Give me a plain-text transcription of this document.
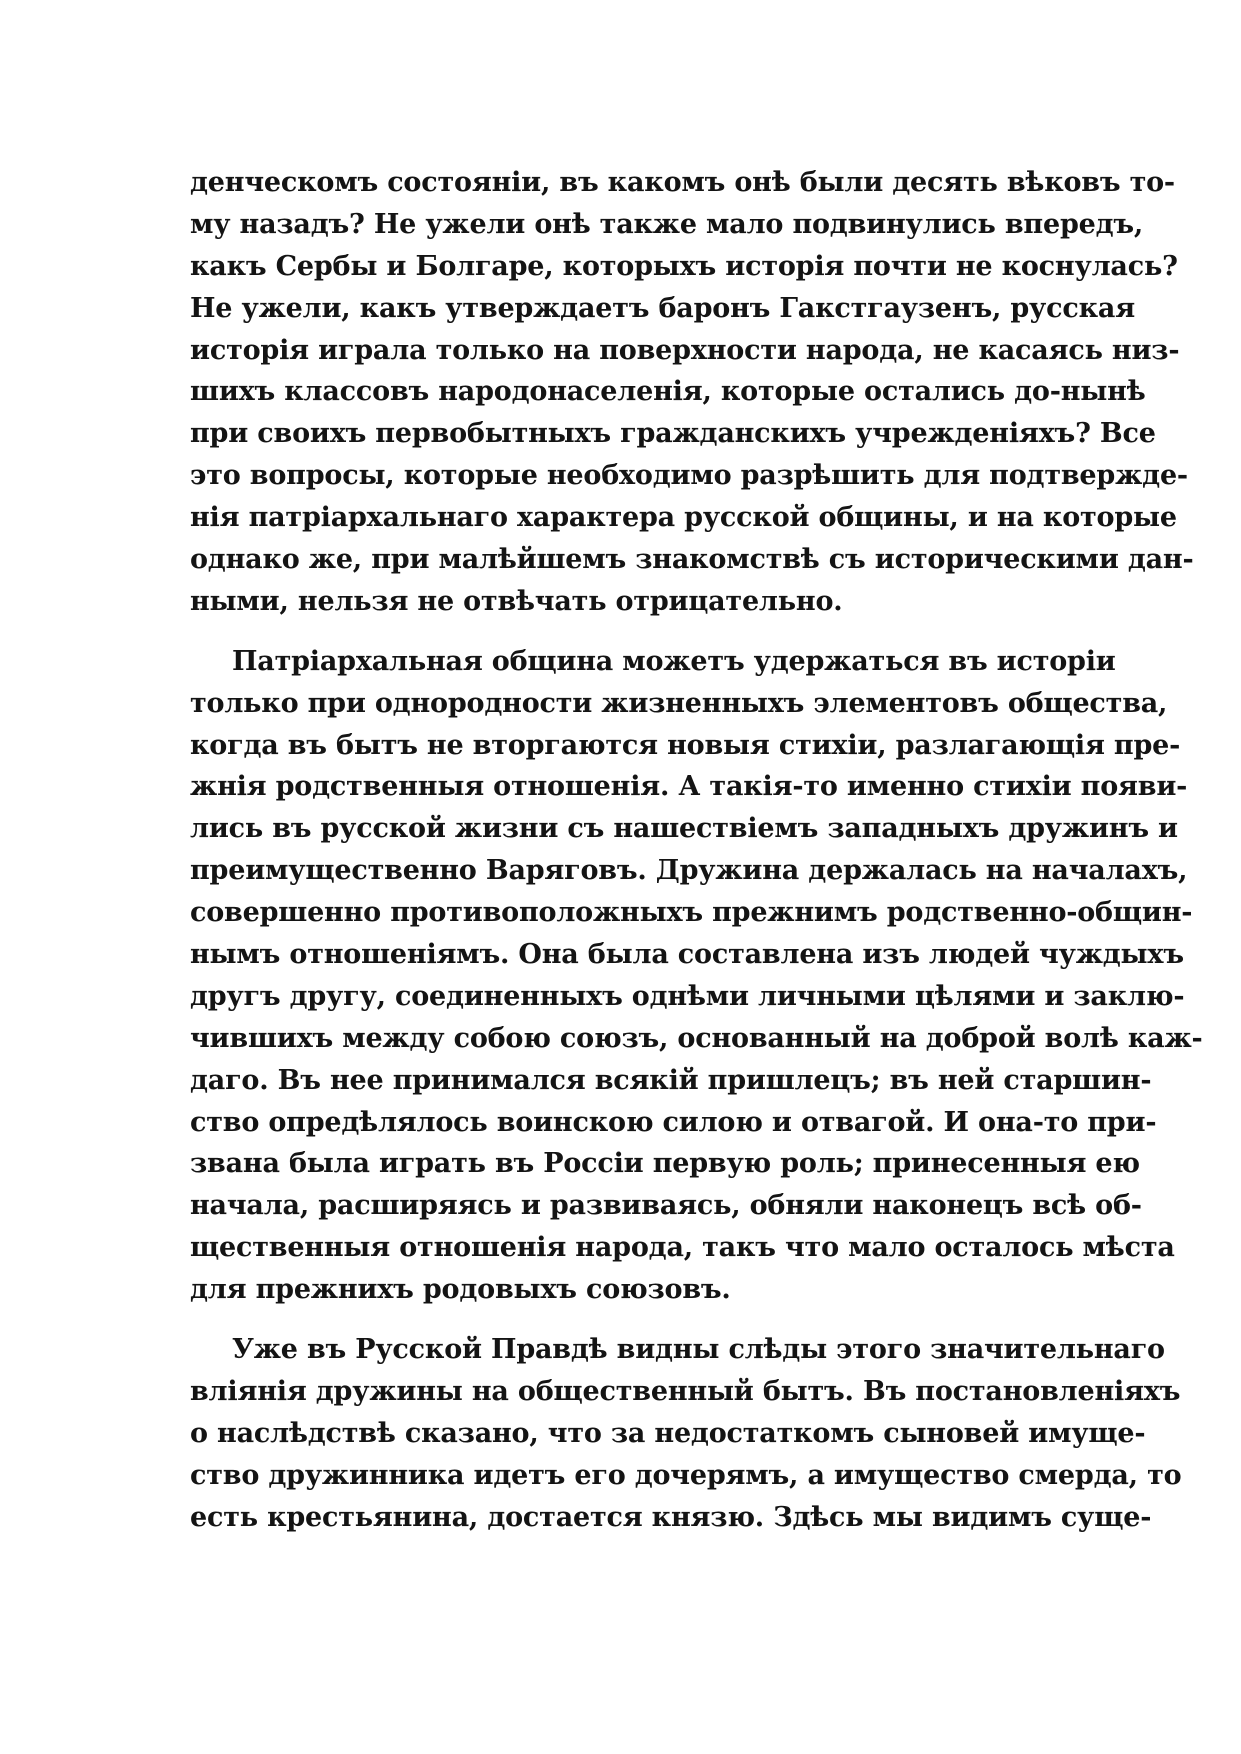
денческомъ состоянiи, въ какомъ онѣ были десять вѣковъ то-
му назадъ? Не ужели онѣ также мало подвинулись впередъ,
какъ Сербы и Болгаре, которыхъ исторiя почти не коснулась?
Не ужели, какъ утверждаетъ баронъ Гакстгаузенъ, русская
исторiя играла только на поверхности народа, не касаясь низ-
шихъ классовъ народонаселенiя, которые остались до-нынѣ
при своихъ первобытныхъ гражданскихъ учрежденiяхъ? Все
это вопросы, которые необходимо разрѣшить для подтвержде-
нiя патрiархальнаго характера русской общины, и на которые
однако же, при малѣйшемъ знакомствѣ съ историческими дан-
ными, нельзя не отвѣчать отрицательно.
Патрiархальная община можетъ удержаться въ исторiи
только при однородности жизненныхъ элементовъ общества,
когда въ бытъ не вторгаются новыя стихiи, разлагающiя пре-
жнiя родственныя отношенiя. А такiя-то именно стихiи появи-
лись въ русской жизни съ нашествiемъ западныхъ дружинъ и
преимущественно Варяговъ. Дружина держалась на началахъ,
совершенно противоположныхъ прежнимъ родственно-общин-
нымъ отношенiямъ. Она была составлена изъ людей чуждыхъ
другъ другу, соединенныхъ однѣми личными цѣлями и заклю-
чившихъ между собою союзъ, основанный на доброй волѣ каж-
даго. Въ нее принимался всякiй пришлецъ; въ ней старшин-
ство опредѣлялось воинскою силою и отвагой. И она-то при-
звана была играть въ Россiи первую роль; принесенныя ею
начала, расширяясь и развиваясь, обняли наконецъ всѣ об-
щественныя отношенiя народа, такъ что мало осталось мѣста
для прежнихъ родовыхъ союзовъ.
Уже въ Русской Правдѣ видны слѣды этого значительнаго
влiянiя дружины на общественный бытъ. Въ постановленiяхъ
о наслѣдствѣ сказано, что за недостаткомъ сыновей имуще-
ство дружинника идетъ его дочерямъ, а имущество смерда, то
есть крестьянина, достается князю. Здѣсь мы видимъ суще-
